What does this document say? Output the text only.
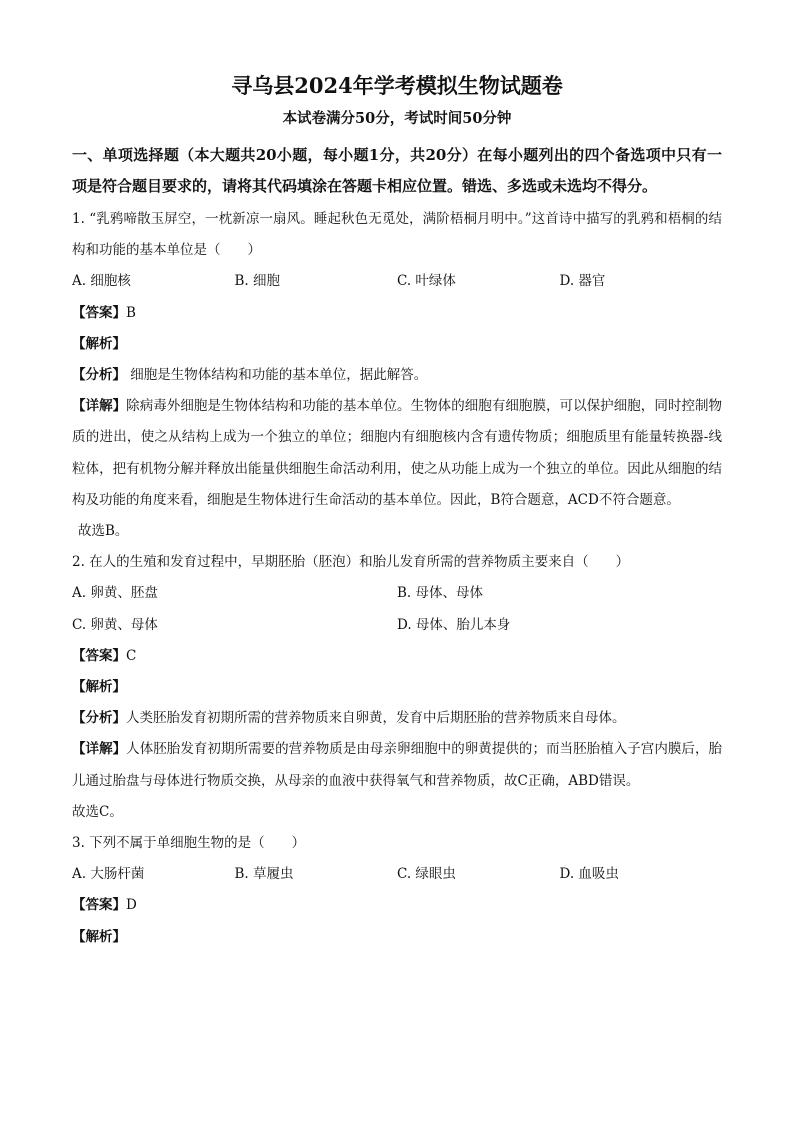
寻乌县2024年学考模拟生物试题卷
本试卷满分50分，考试时间50分钟
一、单项选择题（本大题共20小题，每小题1分，共20分）在每小题列出的四个备选项中只有一项是符合题目要求的，请将其代码填涂在答题卡相应位置。错选、多选或未选均不得分。
1. “乳鸦啼散玉屏空，一枕新凉一扇风。睡起秋色无觅处，满阶梧桐月明中。”这首诗中描写的乳鸦和梧桐的结构和功能的基本单位是（　　）
A. 细胞核	B. 细胞	C. 叶绿体	D. 器官
【答案】B
【解析】
【分析】 细胞是生物体结构和功能的基本单位，据此解答。
【详解】除病毒外细胞是生物体结构和功能的基本单位。生物体的细胞有细胞膜，可以保护细胞，同时控制物质的进出，使之从结构上成为一个独立的单位；细胞内有细胞核内含有遗传物质；细胞质里有能量转换器-线粒体，把有机物分解并释放出能量供细胞生命活动利用，使之从功能上成为一个独立的单位。因此从细胞的结构及功能的角度来看，细胞是生物体进行生命活动的基本单位。因此，B符合题意，ACD不符合题意。
故选B。
2. 在人的生殖和发育过程中，早期胚胎（胚泡）和胎儿发育所需的营养物质主要来自（　　）
A. 卵黄、胚盘	B. 母体、母体
C. 卵黄、母体	D. 母体、胎儿本身
【答案】C
【解析】
【分析】人类胚胎发育初期所需的营养物质来自卵黄，发育中后期胚胎的营养物质来自母体。
【详解】人体胚胎发育初期所需要的营养物质是由母亲卵细胞中的卵黄提供的；而当胚胎植入子宫内膜后，胎儿通过胎盘与母体进行物质交换，从母亲的血液中获得氧气和营养物质，故C正确，ABD错误。
故选C。
3. 下列不属于单细胞生物的是（　　）
A. 大肠杆菌	B. 草履虫	C. 绿眼虫	D. 血吸虫
【答案】D
【解析】
